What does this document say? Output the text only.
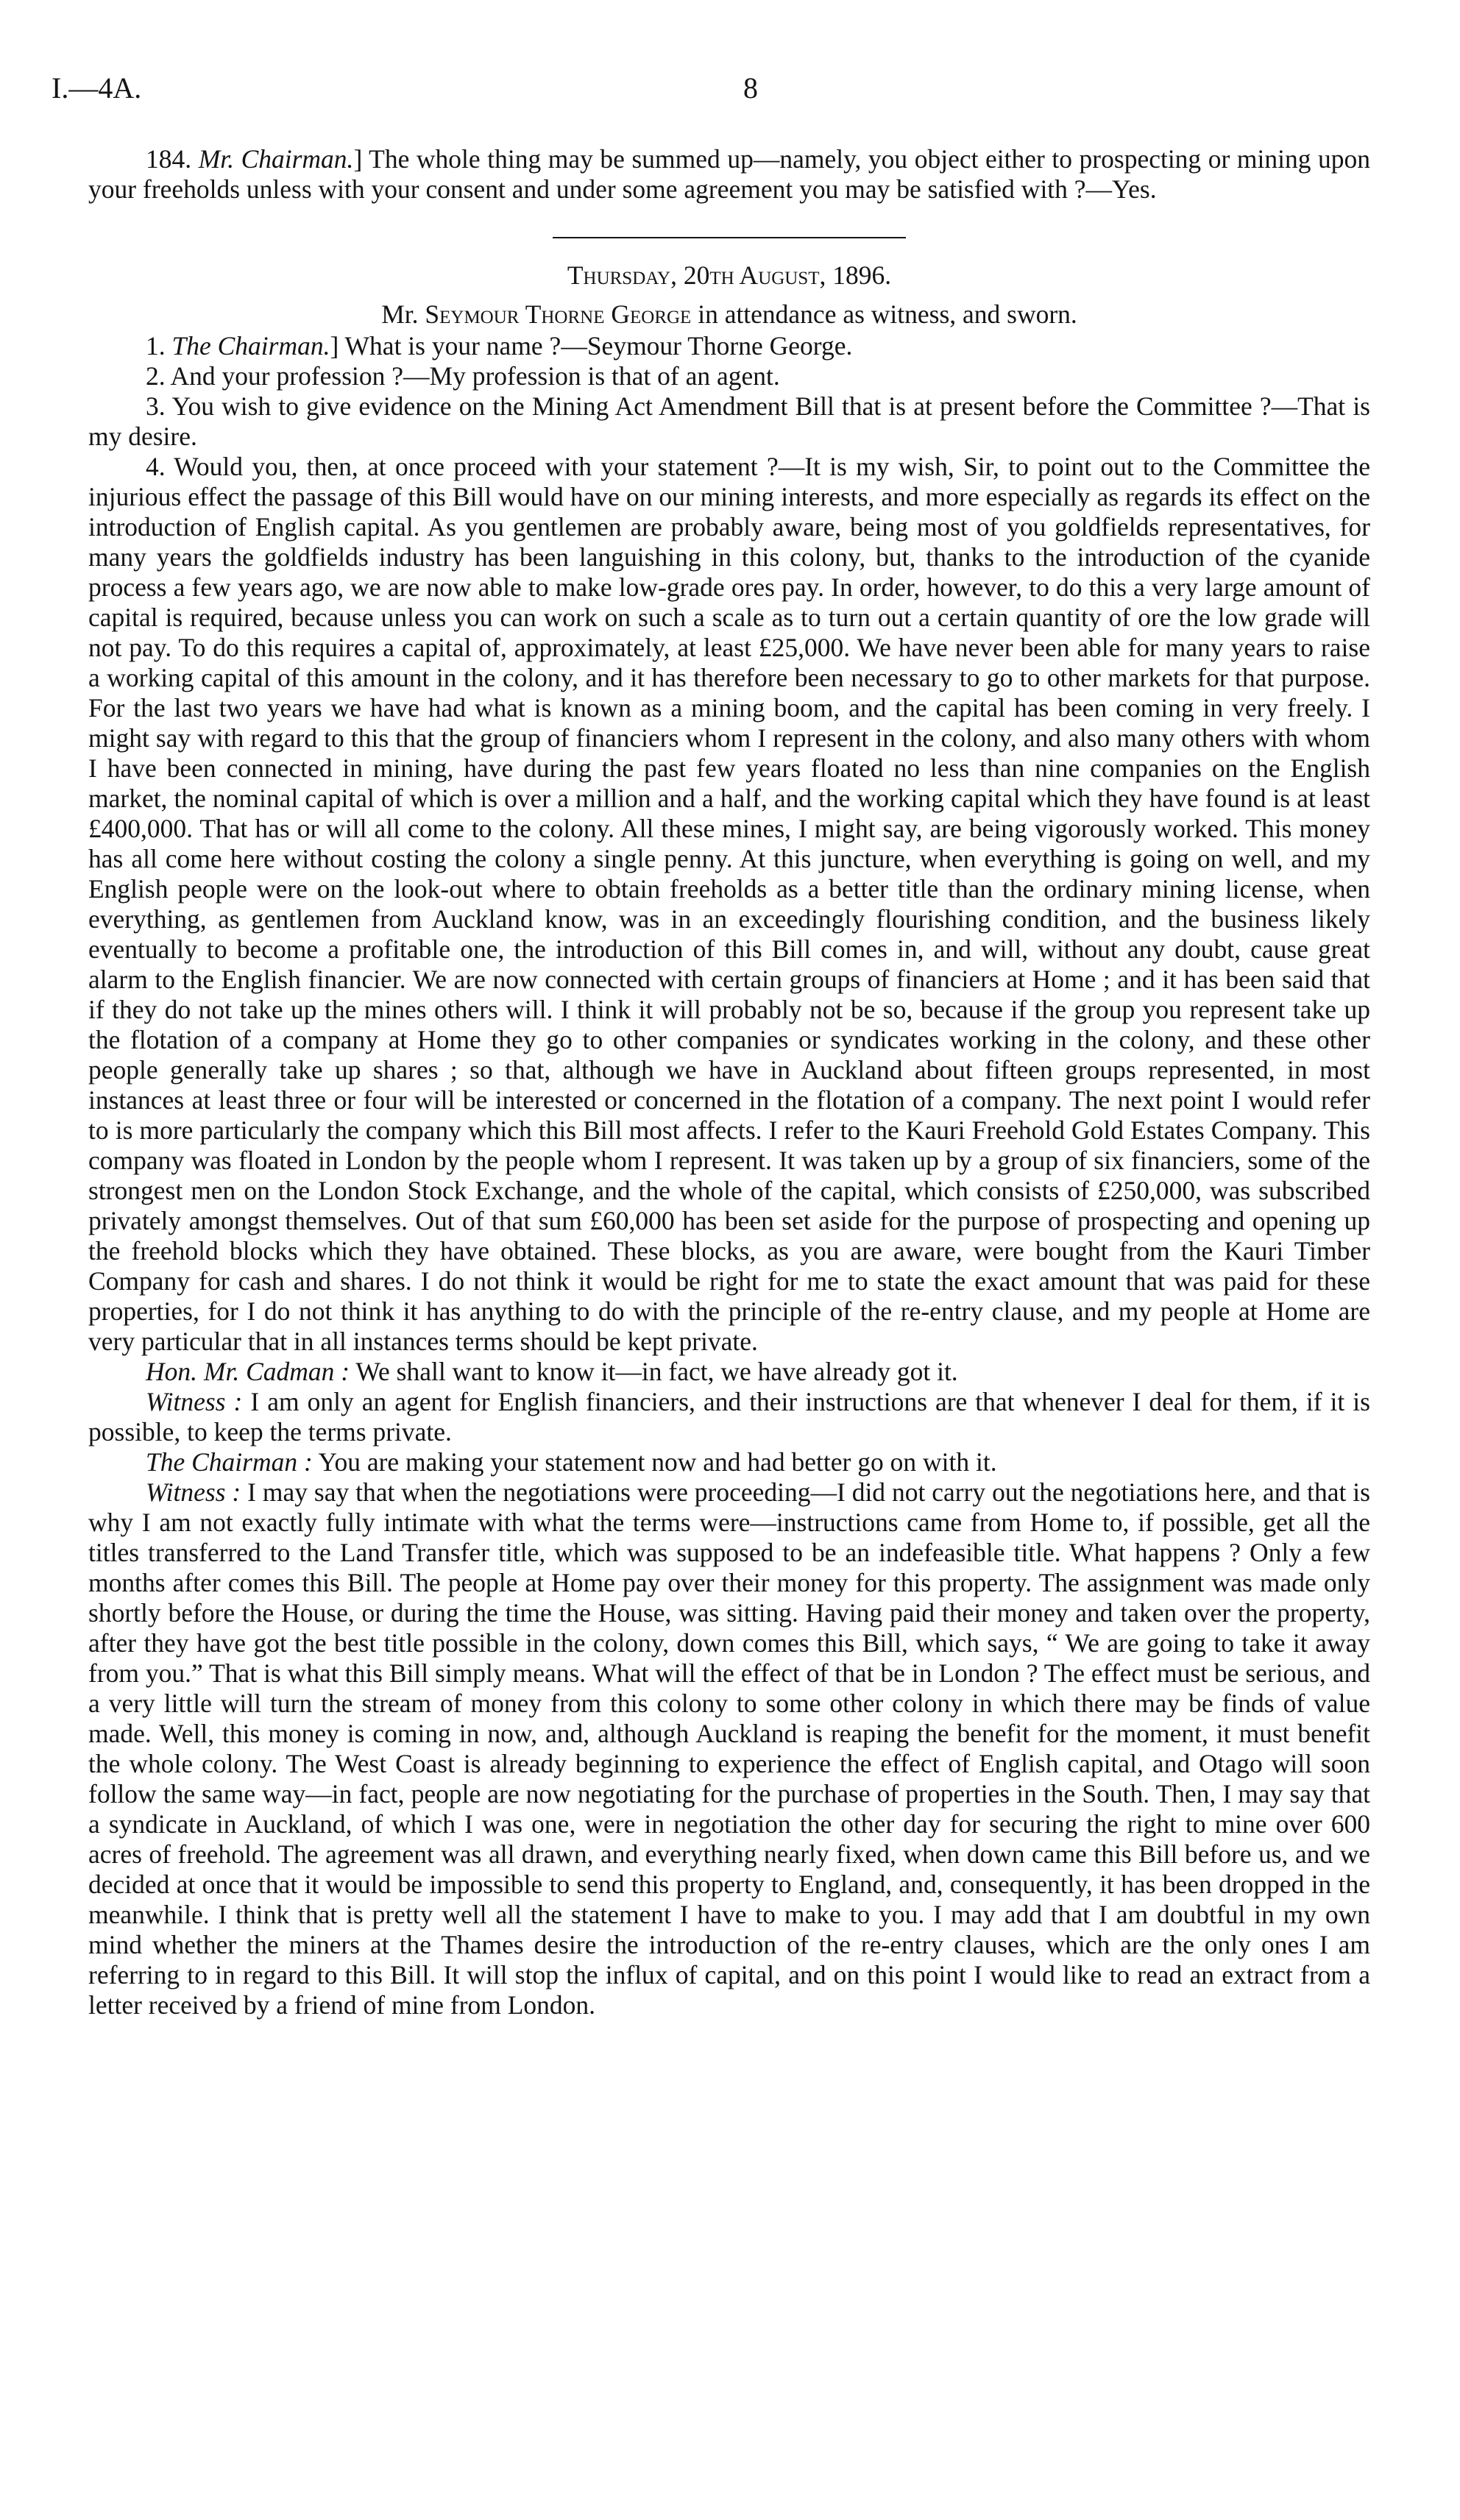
I.—4A.	8

184. Mr. Chairman.] The whole thing may be summed up—namely, you object either to prospecting or mining upon your freeholds unless with your consent and under some agreement you may be satisfied with ?—Yes.

Thursday, 20th August, 1896.

Mr. Seymour Thorne George in attendance as witness, and sworn.

1. The Chairman.] What is your name ?—Seymour Thorne George.

2. And your profession ?—My profession is that of an agent.

3. You wish to give evidence on the Mining Act Amendment Bill that is at present before the Committee ?—That is my desire.

4. Would you, then, at once proceed with your statement ?—It is my wish, Sir, to point out to the Committee the injurious effect the passage of this Bill would have on our mining interests, and more especially as regards its effect on the introduction of English capital. As you gentlemen are probably aware, being most of you goldfields representatives, for many years the goldfields industry has been languishing in this colony, but, thanks to the introduction of the cyanide process a few years ago, we are now able to make low-grade ores pay. In order, however, to do this a very large amount of capital is required, because unless you can work on such a scale as to turn out a certain quantity of ore the low grade will not pay. To do this requires a capital of, approximately, at least £25,000. We have never been able for many years to raise a working capital of this amount in the colony, and it has therefore been necessary to go to other markets for that purpose. For the last two years we have had what is known as a mining boom, and the capital has been coming in very freely. I might say with regard to this that the group of financiers whom I represent in the colony, and also many others with whom I have been connected in mining, have during the past few years floated no less than nine companies on the English market, the nominal capital of which is over a million and a half, and the working capital which they have found is at least £400,000. That has or will all come to the colony. All these mines, I might say, are being vigorously worked. This money has all come here without costing the colony a single penny. At this juncture, when everything is going on well, and my English people were on the look-out where to obtain freeholds as a better title than the ordinary mining license, when everything, as gentlemen from Auckland know, was in an exceedingly flourishing condition, and the business likely eventually to become a profitable one, the introduction of this Bill comes in, and will, without any doubt, cause great alarm to the English financier. We are now connected with certain groups of financiers at Home ; and it has been said that if they do not take up the mines others will. I think it will probably not be so, because if the group you represent take up the flotation of a company at Home they go to other companies or syndicates working in the colony, and these other people generally take up shares ; so that, although we have in Auckland about fifteen groups represented, in most instances at least three or four will be interested or concerned in the flotation of a company. The next point I would refer to is more particularly the company which this Bill most affects. I refer to the Kauri Freehold Gold Estates Company. This company was floated in London by the people whom I represent. It was taken up by a group of six financiers, some of the strongest men on the London Stock Exchange, and the whole of the capital, which consists of £250,000, was subscribed privately amongst themselves. Out of that sum £60,000 has been set aside for the purpose of prospecting and opening up the freehold blocks which they have obtained. These blocks, as you are aware, were bought from the Kauri Timber Company for cash and shares. I do not think it would be right for me to state the exact amount that was paid for these properties, for I do not think it has anything to do with the principle of the re-entry clause, and my people at Home are very particular that in all instances terms should be kept private.

Hon. Mr. Cadman : We shall want to know it—in fact, we have already got it.

Witness : I am only an agent for English financiers, and their instructions are that whenever I deal for them, if it is possible, to keep the terms private.

The Chairman : You are making your statement now and had better go on with it.

Witness : I may say that when the negotiations were proceeding—I did not carry out the negotiations here, and that is why I am not exactly fully intimate with what the terms were—instructions came from Home to, if possible, get all the titles transferred to the Land Transfer title, which was supposed to be an indefeasible title. What happens ? Only a few months after comes this Bill. The people at Home pay over their money for this property. The assignment was made only shortly before the House, or during the time the House, was sitting. Having paid their money and taken over the property, after they have got the best title possible in the colony, down comes this Bill, which says, “ We are going to take it away from you.” That is what this Bill simply means. What will the effect of that be in London ? The effect must be serious, and a very little will turn the stream of money from this colony to some other colony in which there may be finds of value made. Well, this money is coming in now, and, although Auckland is reaping the benefit for the moment, it must benefit the whole colony. The West Coast is already beginning to experience the effect of English capital, and Otago will soon follow the same way—in fact, people are now negotiating for the purchase of properties in the South. Then, I may say that a syndicate in Auckland, of which I was one, were in negotiation the other day for securing the right to mine over 600 acres of freehold. The agreement was all drawn, and everything nearly fixed, when down came this Bill before us, and we decided at once that it would be impossible to send this property to England, and, consequently, it has been dropped in the meanwhile. I think that is pretty well all the statement I have to make to you. I may add that I am doubtful in my own mind whether the miners at the Thames desire the introduction of the re-entry clauses, which are the only ones I am referring to in regard to this Bill. It will stop the influx of capital, and on this point I would like to read an extract from a letter received by a friend of mine from London.
